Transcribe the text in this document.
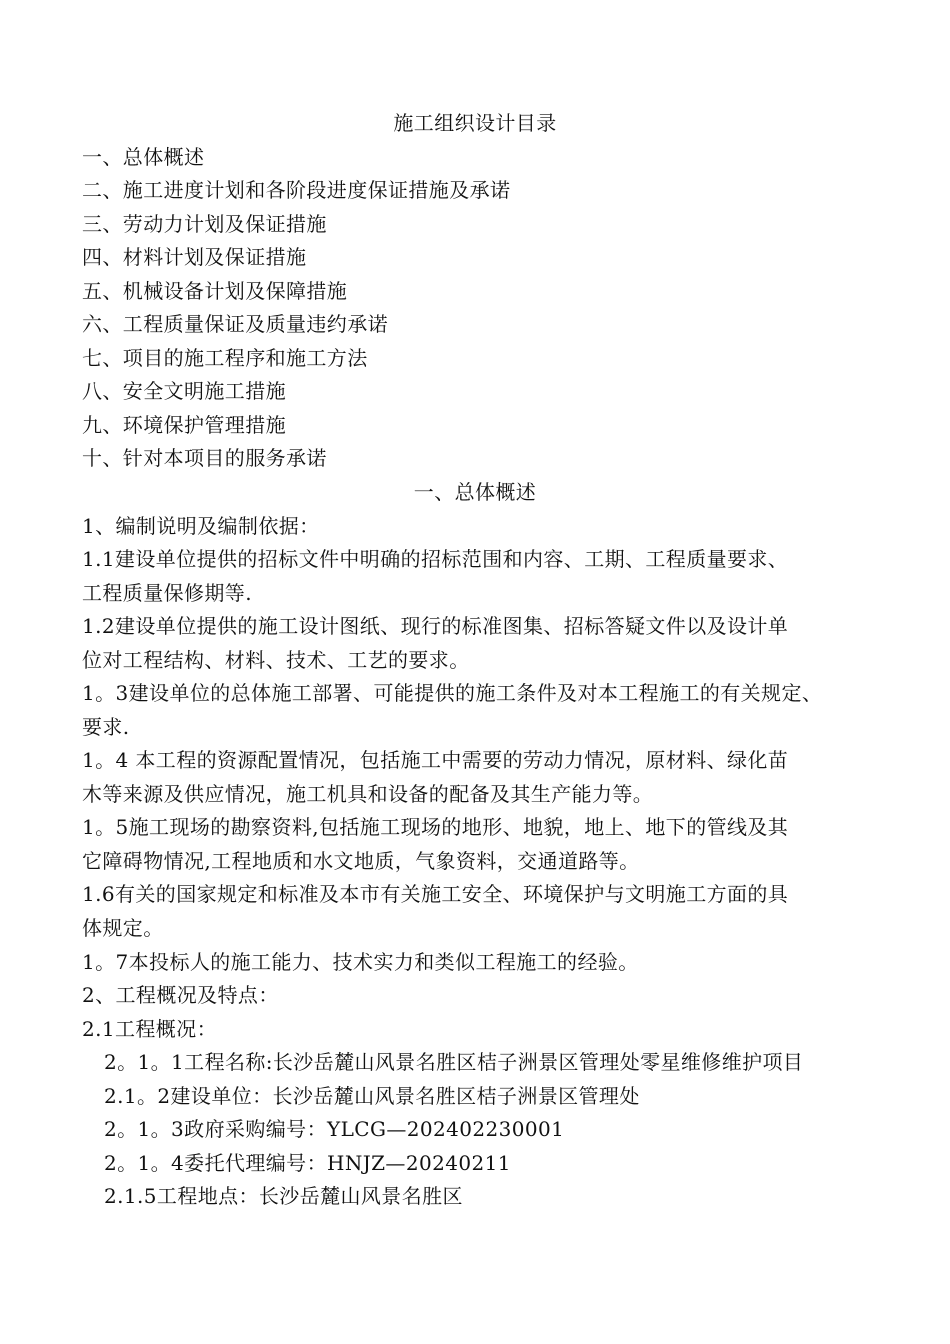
施工组织设计目录
一、总体概述
二、施工进度计划和各阶段进度保证措施及承诺
三、劳动力计划及保证措施
四、材料计划及保证措施
五、机械设备计划及保障措施
六、工程质量保证及质量违约承诺
七、项目的施工程序和施工方法
八、安全文明施工措施
九、环境保护管理措施
十、针对本项目的服务承诺
一、总体概述
1、编制说明及编制依据：
1.1建设单位提供的招标文件中明确的招标范围和内容、工期、工程质量要求、
工程质量保修期等.
1.2建设单位提供的施工设计图纸、现行的标准图集、招标答疑文件以及设计单
位对工程结构、材料、技术、工艺的要求。
1。3建设单位的总体施工部署、可能提供的施工条件及对本工程施工的有关规定、
要求.
1。4 本工程的资源配置情况，包括施工中需要的劳动力情况，原材料、绿化苗
木等来源及供应情况，施工机具和设备的配备及其生产能力等。
1。5施工现场的勘察资料,包括施工现场的地形、地貌，地上、地下的管线及其
它障碍物情况,工程地质和水文地质，气象资料，交通道路等。
1.6有关的国家规定和标准及本市有关施工安全、环境保护与文明施工方面的具
体规定。
1。7本投标人的施工能力、技术实力和类似工程施工的经验。
2、工程概况及特点：
2.1工程概况：
2。1。1工程名称:长沙岳麓山风景名胜区桔子洲景区管理处零星维修维护项目
2.1。2建设单位：长沙岳麓山风景名胜区桔子洲景区管理处
2。1。3政府采购编号：YLCG—202402230001
2。1。4委托代理编号：HNJZ—20240211
2.1.5工程地点：长沙岳麓山风景名胜区
